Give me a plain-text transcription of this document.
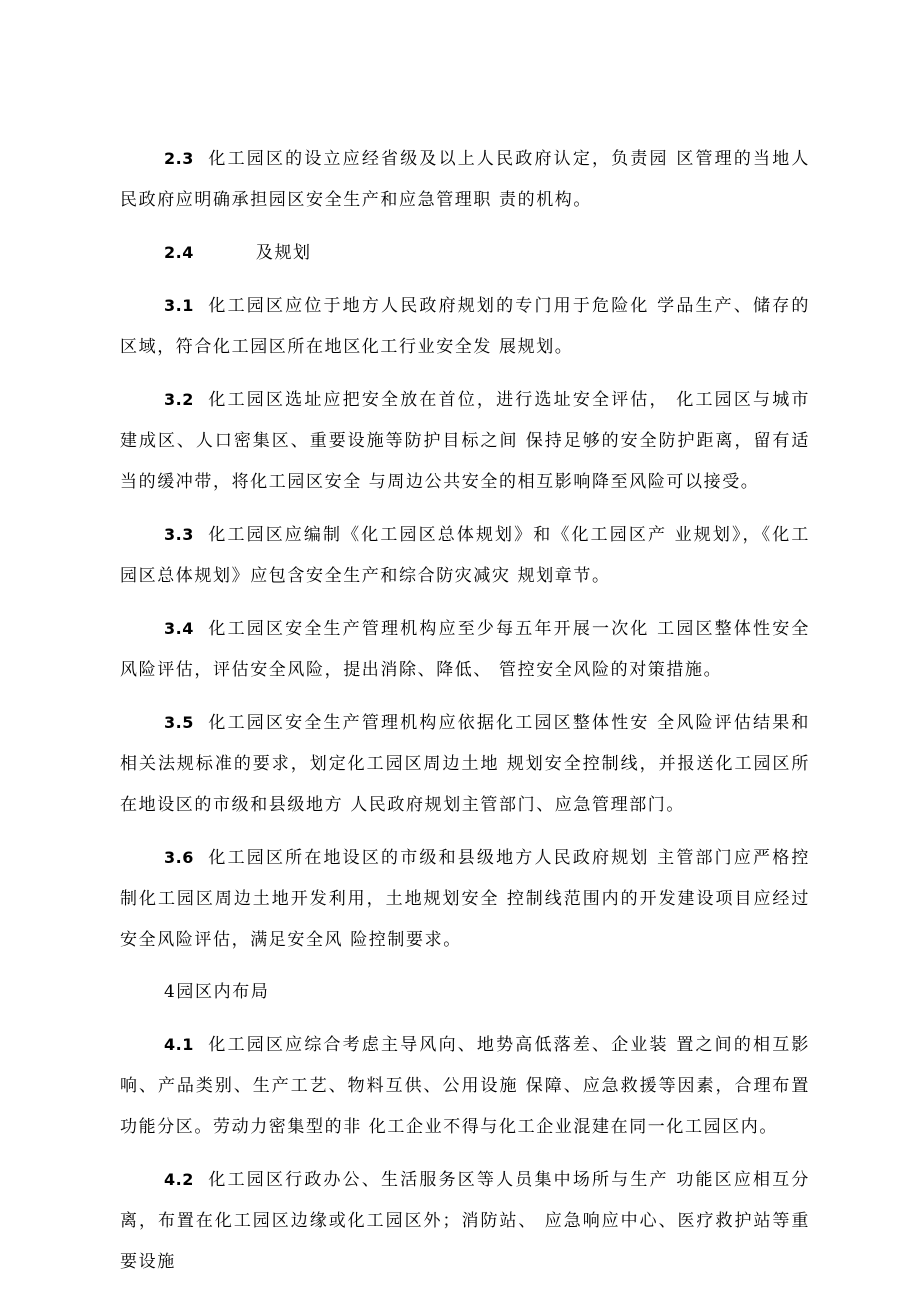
2.3 化工园区的设立应经省级及以上人民政府认定，负责园 区管理的当地人民政府应明确承担园区安全生产和应急管理职 责的机构。

2.4	及规划

3.1 化工园区应位于地方人民政府规划的专门用于危险化 学品生产、储存的区域，符合化工园区所在地区化工行业安全发 展规划。

3.2 化工园区选址应把安全放在首位，进行选址安全评估， 化工园区与城市建成区、人口密集区、重要设施等防护目标之间 保持足够的安全防护距离，留有适当的缓冲带，将化工园区安全 与周边公共安全的相互影响降至风险可以接受。

3.3 化工园区应编制《化工园区总体规划》和《化工园区产 业规划》，《化工园区总体规划》应包含安全生产和综合防灾减灾 规划章节。

3.4 化工园区安全生产管理机构应至少每五年开展一次化 工园区整体性安全风险评估，评估安全风险，提出消除、降低、 管控安全风险的对策措施。

3.5 化工园区安全生产管理机构应依据化工园区整体性安 全风险评估结果和相关法规标准的要求，划定化工园区周边土地 规划安全控制线，并报送化工园区所在地设区的市级和县级地方 人民政府规划主管部门、应急管理部门。

3.6 化工园区所在地设区的市级和县级地方人民政府规划 主管部门应严格控制化工园区周边土地开发利用，土地规划安全 控制线范围内的开发建设项目应经过安全风险评估，满足安全风 险控制要求。

4园区内布局

4.1 化工园区应综合考虑主导风向、地势高低落差、企业装 置之间的相互影响、产品类别、生产工艺、物料互供、公用设施 保障、应急救援等因素，合理布置功能分区。劳动力密集型的非 化工企业不得与化工企业混建在同一化工园区内。

4.2 化工园区行政办公、生活服务区等人员集中场所与生产 功能区应相互分离，布置在化工园区边缘或化工园区外；消防站、 应急响应中心、医疗救护站等重要设施
